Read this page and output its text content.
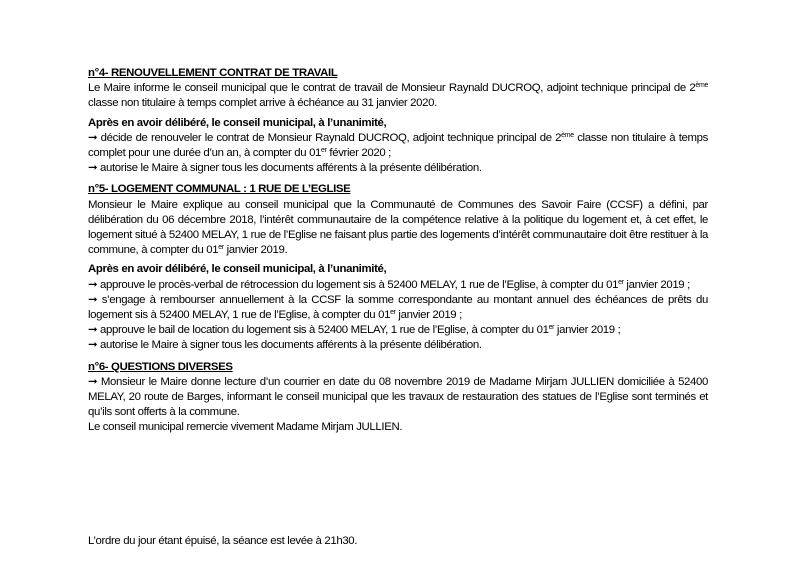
n°4- RENOUVELLEMENT CONTRAT DE TRAVAIL

Le Maire informe le conseil municipal que le contrat de travail de Monsieur Raynald DUCROQ, adjoint technique principal de 2ème classe non titulaire à temps complet arrive à échéance au 31 janvier 2020.

Après en avoir délibéré, le conseil municipal, à l’unanimité,

➞ décide de renouveler le contrat de Monsieur Raynald DUCROQ, adjoint technique principal de 2ème classe non titulaire à temps complet pour une durée d’un an, à compter du 01er février 2020 ;

➞ autorise le Maire à signer tous les documents afférents à la présente délibération.

n°5- LOGEMENT COMMUNAL : 1 RUE DE L’EGLISE

Monsieur le Maire explique au conseil municipal que la Communauté de Communes des Savoir Faire (CCSF) a défini, par délibération du 06 décembre 2018, l’intérêt communautaire de la compétence relative à la politique du logement et, à cet effet, le logement situé à 52400 MELAY, 1 rue de l’Eglise ne faisant plus partie des logements d’intérêt communautaire doit être restituer à la commune, à compter du 01er janvier 2019.

Après en avoir délibéré, le conseil municipal, à l’unanimité,

➞ approuve le procès-verbal de rétrocession du logement sis à 52400 MELAY, 1 rue de l’Eglise, à compter du 01er janvier 2019 ;

➞ s’engage à rembourser annuellement à la CCSF la somme correspondante au montant annuel des échéances de prêts du logement sis à 52400 MELAY, 1 rue de l’Eglise, à compter du 01er janvier 2019 ;

➞ approuve le bail de location du logement sis à 52400 MELAY, 1 rue de l’Eglise, à compter du 01er janvier 2019 ;

➞ autorise le Maire à signer tous les documents afférents à la présente délibération.

n°6- QUESTIONS DIVERSES

➞ Monsieur le Maire donne lecture d’un courrier en date du 08 novembre 2019 de Madame Mirjam JULLIEN domiciliée à 52400 MELAY, 20 route de Barges, informant le conseil municipal que les travaux de restauration des statues de l’Eglise sont terminés et qu’ils sont offerts à la commune.

Le conseil municipal remercie vivement Madame Mirjam JULLIEN.

L’ordre du jour étant épuisé, la séance est levée à 21h30.
